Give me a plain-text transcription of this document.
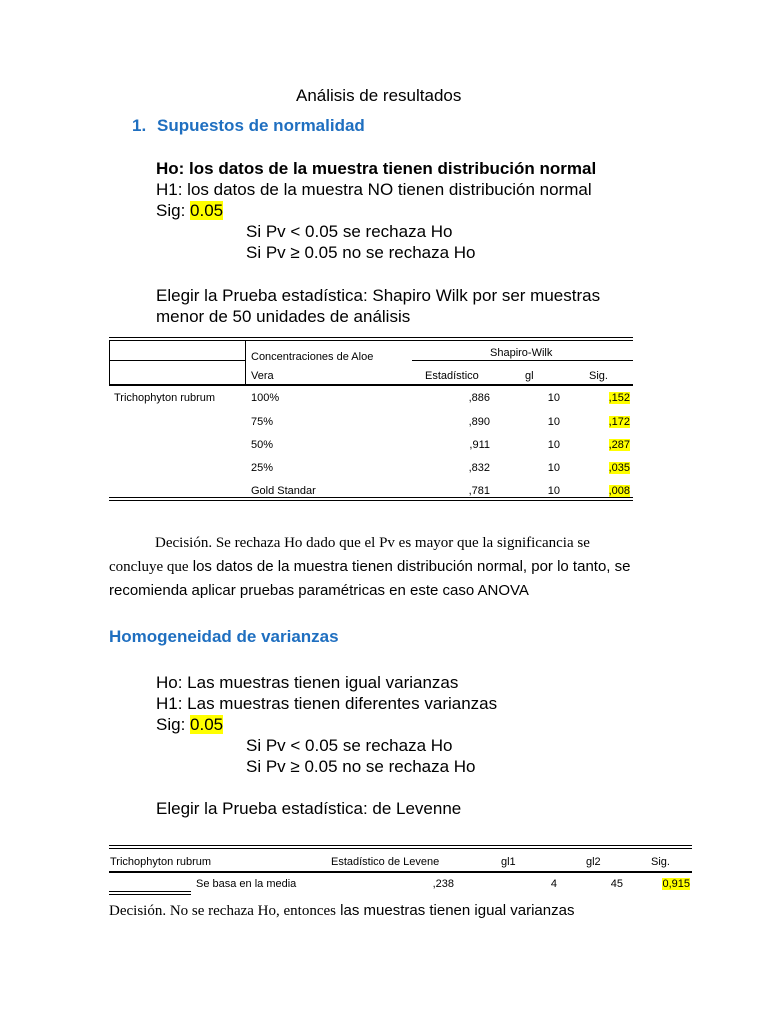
Análisis de resultados
1. Supuestos de normalidad
Ho: los datos de la muestra tienen distribución normal
H1: los datos de la muestra NO tienen distribución normal
Sig: 0.05
Si Pv < 0.05 se rechaza Ho
Si Pv ≥ 0.05 no se rechaza Ho
Elegir la Prueba estadística: Shapiro Wilk por ser muestras
menor de 50 unidades de análisis
Shapiro-Wilk
Concentraciones de Aloe
Vera	Estadístico	gl	Sig.
Trichophyton rubrum	100%	,886	10	,152
75%	,890	10	,172
50%	,911	10	,287
25%	,832	10	,035
Gold Standar	,781	10	,008
Decisión. Se rechaza Ho dado que el Pv es mayor que la significancia se
concluye que los datos de la muestra tienen distribución normal, por lo tanto, se
recomienda aplicar pruebas paramétricas en este caso ANOVA
Homogeneidad de varianzas
Ho: Las muestras tienen igual varianzas
H1: Las muestras tienen diferentes varianzas
Sig: 0.05
Si Pv < 0.05 se rechaza Ho
Si Pv ≥ 0.05 no se rechaza Ho
Elegir la Prueba estadística: de Levenne
Trichophyton rubrum	Estadístico de Levene	gl1	gl2	Sig.
Se basa en la media	,238	4	45	0,915
Decisión. No se rechaza Ho, entonces las muestras tienen igual varianzas
